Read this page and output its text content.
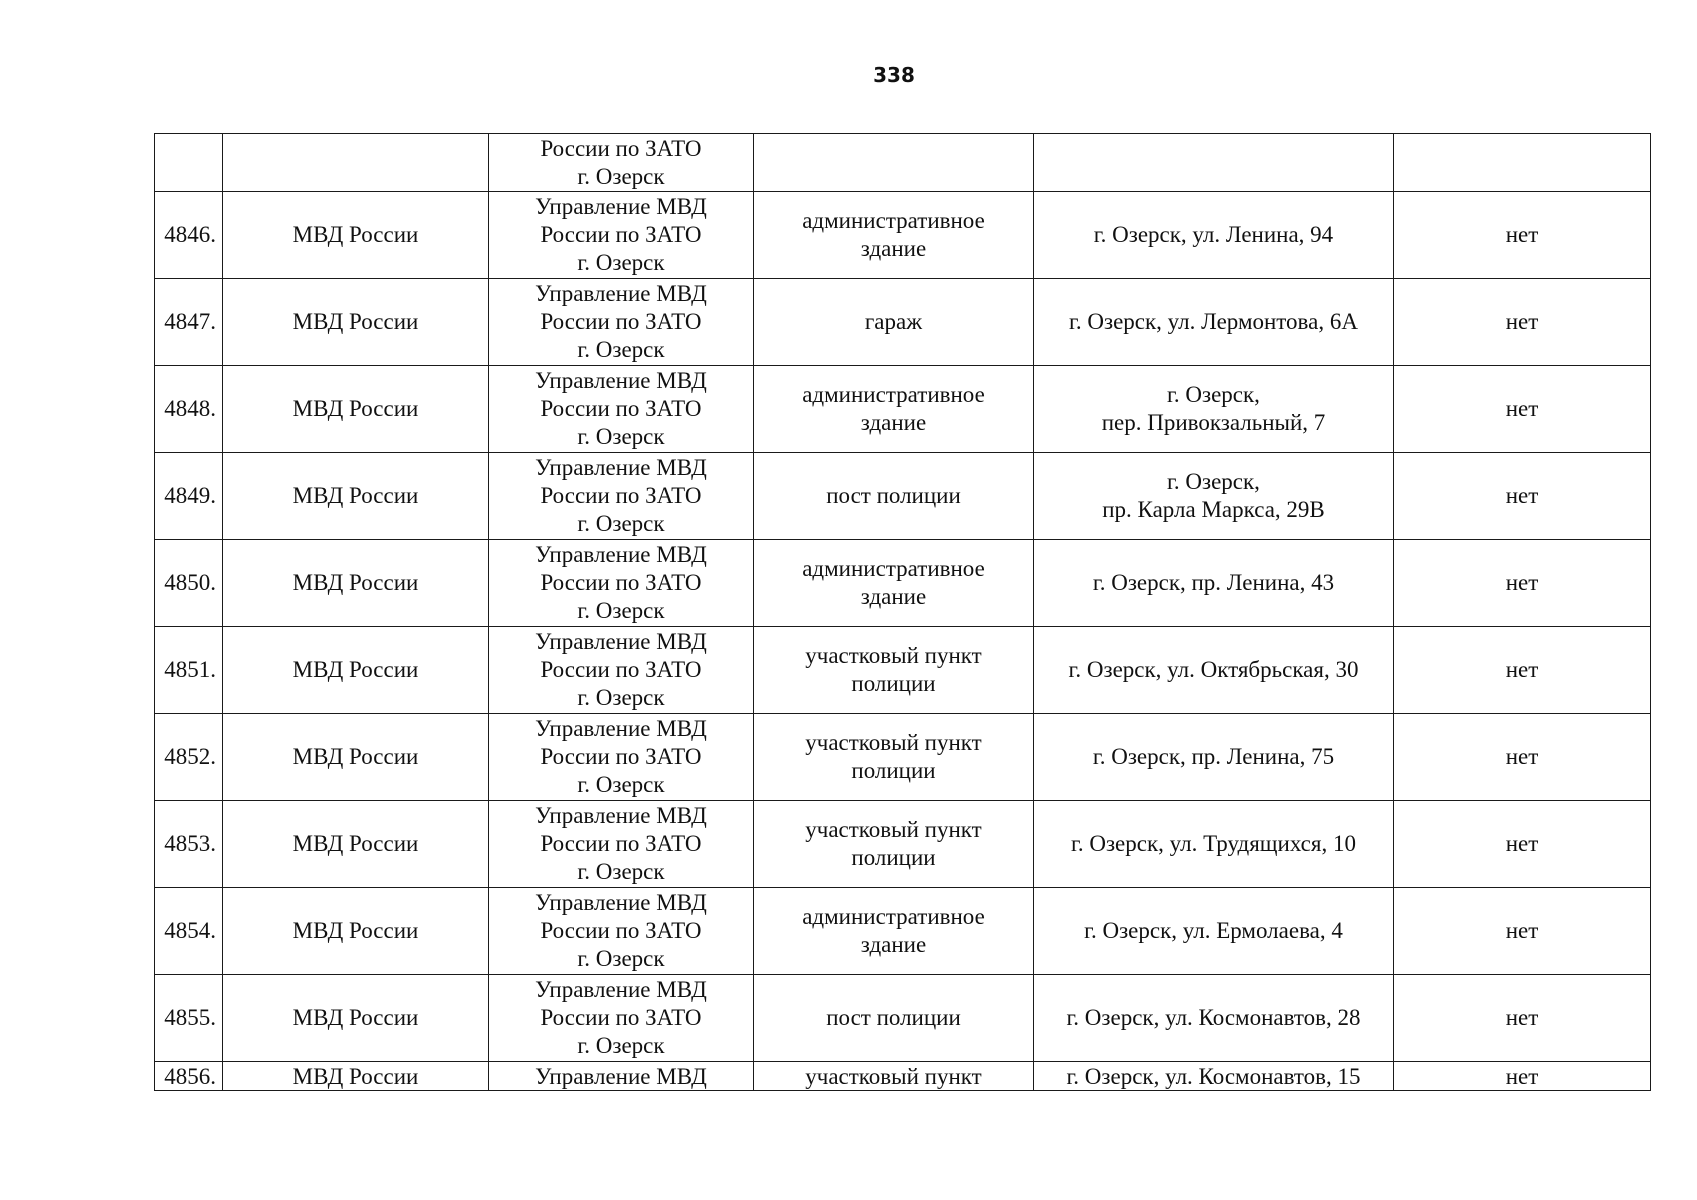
338

		России по ЗАТО
г. Озерск			

4846.	МВД России	Управление МВД
России по ЗАТО
г. Озерск	административное
здание	г. Озерск, ул. Ленина, 94	нет
4847.	МВД России	Управление МВД
России по ЗАТО
г. Озерск	гараж	г. Озерск, ул. Лермонтова, 6А	нет
4848.	МВД России	Управление МВД
России по ЗАТО
г. Озерск	административное
здание	г. Озерск,
пер. Привокзальный, 7	нет
4849.	МВД России	Управление МВД
России по ЗАТО
г. Озерск	пост полиции	г. Озерск,
пр. Карла Маркса, 29В	нет
4850.	МВД России	Управление МВД
России по ЗАТО
г. Озерск	административное
здание	г. Озерск, пр. Ленина, 43	нет
4851.	МВД России	Управление МВД
России по ЗАТО
г. Озерск	участковый пункт
полиции	г. Озерск, ул. Октябрьская, 30	нет
4852.	МВД России	Управление МВД
России по ЗАТО
г. Озерск	участковый пункт
полиции	г. Озерск, пр. Ленина, 75	нет
4853.	МВД России	Управление МВД
России по ЗАТО
г. Озерск	участковый пункт
полиции	г. Озерск, ул. Трудящихся, 10	нет
4854.	МВД России	Управление МВД
России по ЗАТО
г. Озерск	административное
здание	г. Озерск, ул. Ермолаева, 4	нет
4855.	МВД России	Управление МВД
России по ЗАТО
г. Озерск	пост полиции	г. Озерск, ул. Космонавтов, 28	нет
4856.	МВД России	Управление МВД	участковый пункт	г. Озерск, ул. Космонавтов, 15	нет
